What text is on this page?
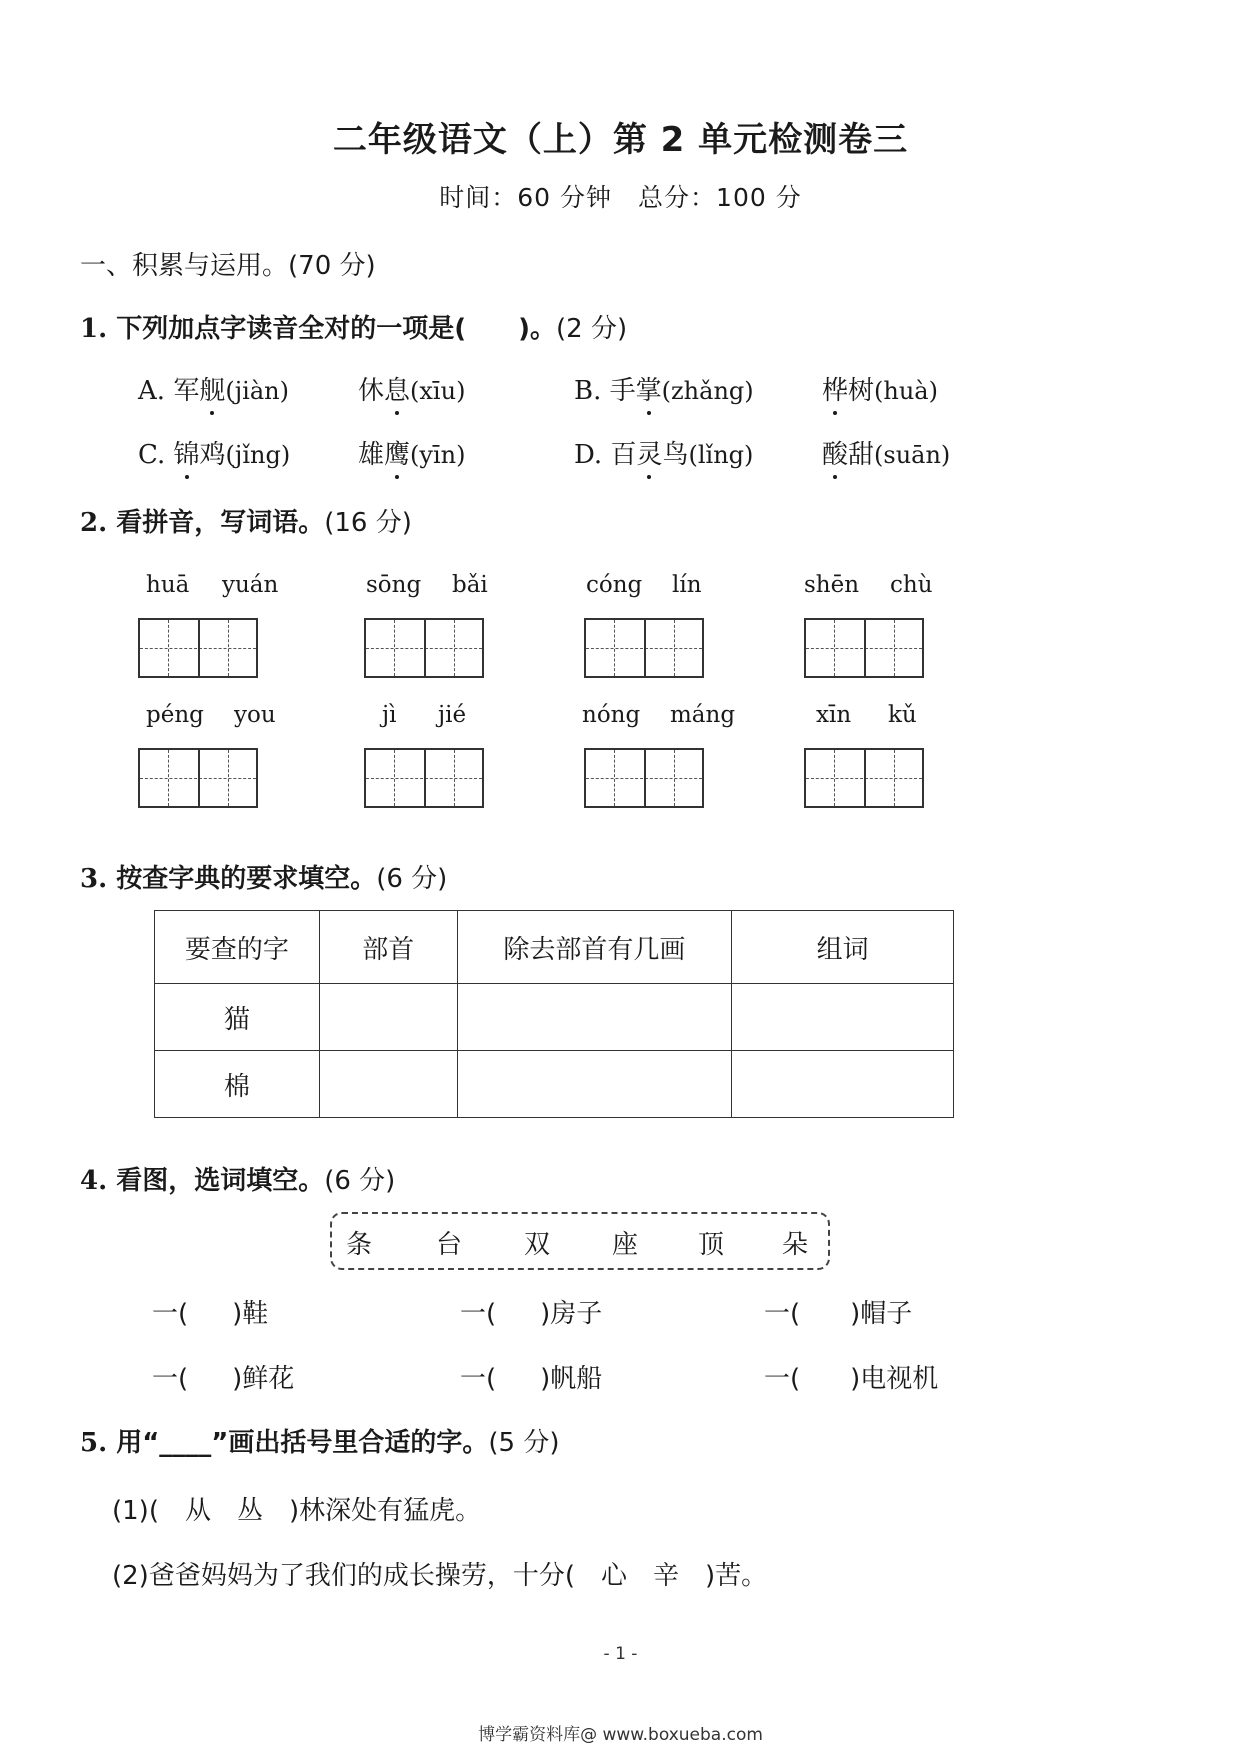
二年级语文（上）第 2 单元检测卷三
时间：60 分钟　总分：100 分
一、积累与运用。(70 分)
1. 下列加点字读音全对的一项是(　　)。(2 分)
A. 军舰(jiàn)	休息(xīu)	B. 手掌(zhǎng)	桦树(huà)
C. 锦鸡(jǐng)	雄鹰(yīn)	D. 百灵鸟(lǐng)	酸甜(suān)
2. 看拼音，写词语。(16 分)
huā yuán	sōng bǎi	cóng lín	shēn chù
péng you	jì jié	nóng máng	xīn kǔ
3. 按查字典的要求填空。(6 分)
要查的字	部首	除去部首有几画	组词
猫			
棉			
4. 看图，选词填空。(6 分)
条 台 双 座 顶 朵
一( )鞋	一( )房子	一( )帽子
一( )鲜花	一( )帆船	一( )电视机
5. 用“____”画出括号里合适的字。(5 分)
(1)(　从　丛　)林深处有猛虎。
(2)爸爸妈妈为了我们的成长操劳，十分(　心　辛　)苦。
- 1 -
博学霸资料库@ www.boxueba.com
